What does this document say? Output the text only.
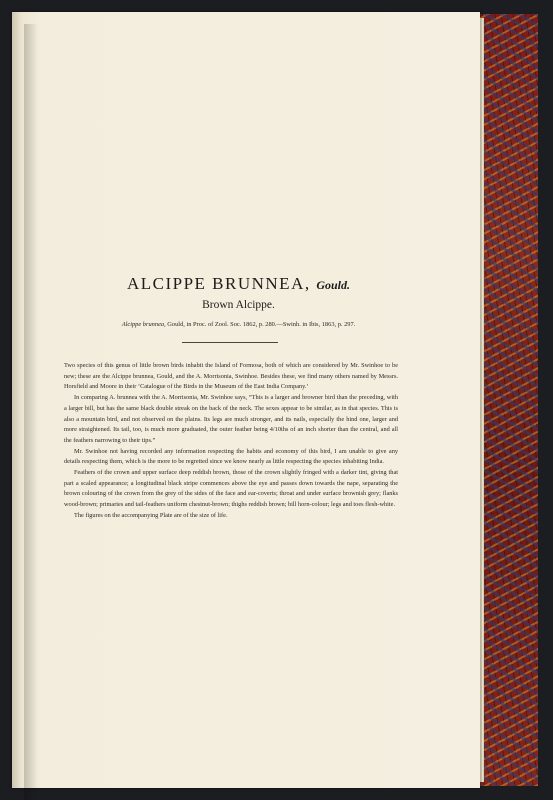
ALCIPPE BRUNNEA, Gould.
Brown Alcippe.
Alcippe brunnea, Gould, in Proc. of Zool. Soc. 1862, p. 280.—Swinh. in Ibis, 1863, p. 297.

Two species of this genus of little brown birds inhabit the Island of Formosa, both of which are considered by Mr. Swinhoe to be new; these are the Alcippe brunnea, Gould, and the A. Morrisonia, Swinhoe. Besides these, we find many others named by Messrs. Horsfield and Moore in their ‘Catalogue of the Birds in the Museum of the East India Company.’

In comparing A. brunnea with the A. Morrisonia, Mr. Swinhoe says, “This is a larger and browner bird than the preceding, with a larger bill, but has the same black double streak on the back of the neck. The sexes appear to be similar, as in that species. This is also a mountain bird, and not observed on the plains. Its legs are much stronger, and its nails, especially the hind one, larger and more straightened. Its tail, too, is much more graduated, the outer feather being 4/10ths of an inch shorter than the central, and all the feathers narrowing to their tips.”

Mr. Swinhoe not having recorded any information respecting the habits and economy of this bird, I am unable to give any details respecting them, which is the more to be regretted since we know nearly as little respecting the species inhabiting India.

Feathers of the crown and upper surface deep reddish brown, those of the crown slightly fringed with a darker tint, giving that part a scaled appearance; a longitudinal black stripe commences above the eye and passes down towards the nape, separating the brown colouring of the crown from the grey of the sides of the face and ear-coverts; throat and under surface brownish grey; flanks wood-brown; primaries and tail-feathers uniform chestnut-brown; thighs reddish brown; bill horn-colour; legs and toes flesh-white.

The figures on the accompanying Plate are of the size of life.
